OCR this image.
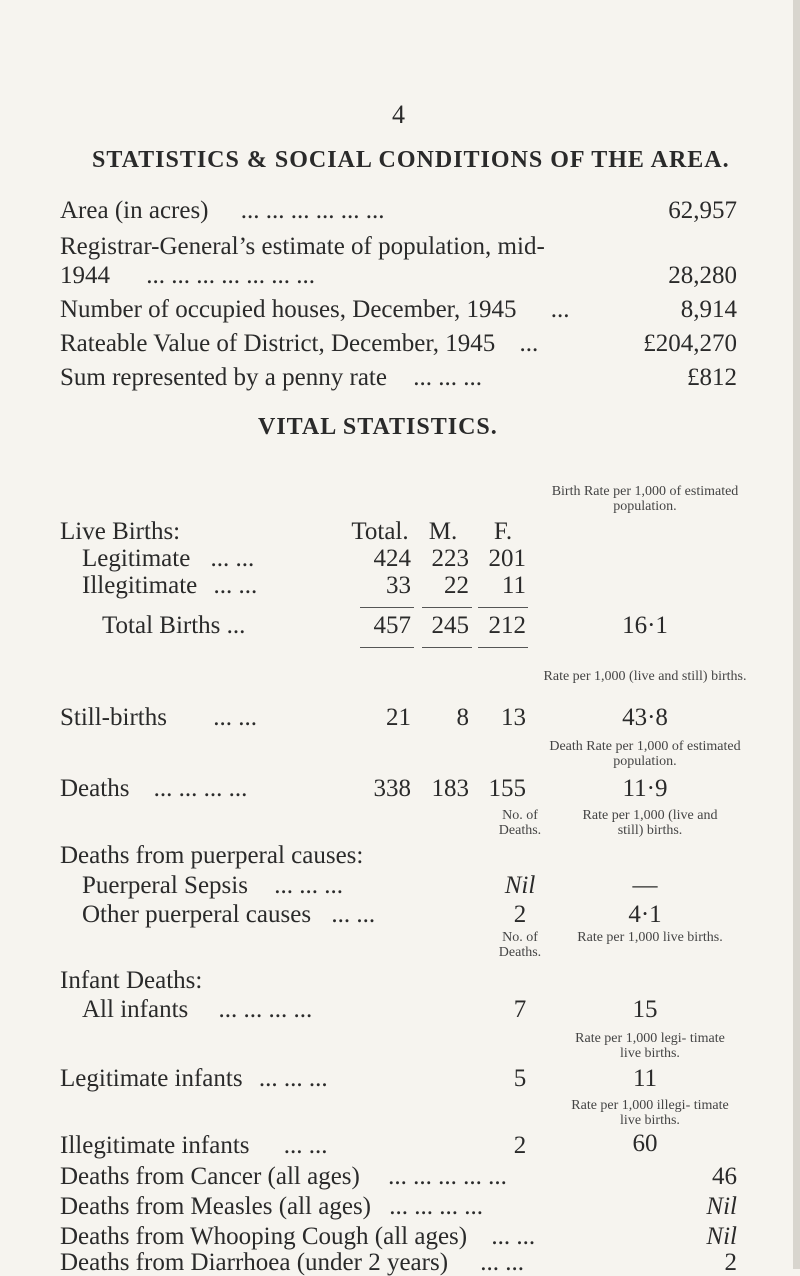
4
STATISTICS & SOCIAL CONDITIONS OF THE AREA.
Area (in acres) ... ... ... ... ... ...	62,957
Registrar-General’s estimate of population, mid-
1944 ... ... ... ... ... ... ...	28,280
Number of occupied houses, December, 1945 ...	8,914
Rateable Value of District, December, 1945 ...	£204,270
Sum represented by a penny rate ... ... ...	£812
VITAL STATISTICS.
Birth Rate per 1,000 of estimated population.
Live Births:	Total. M.	F.
Legitimate ... ...	424 223 201
Illegitimate ... ...	33 22 11
Total Births ...	457 245 212	16·1
Rate per 1,000 (live and still) births.
Still-births ... ...	21 8 13	43·8
Death Rate per 1,000 of estimated population.
Deaths ... ... ... ...	338 183 155	11·9
No. of Deaths.
Rate per 1,000 (live and still) births.
Deaths from puerperal causes:
Puerperal Sepsis ... ... ...	Nil	—
Other puerperal causes ... ...	2	4·1
No. of Deaths.
Rate per 1,000 live births.
Infant Deaths:
All infants ... ... ... ...	7	15
Rate per 1,000 legi- timate live births.
Legitimate infants ... ... ...	5	11
Rate per 1,000 illegi- timate live births.
Illegitimate infants ... ...	2	60
Deaths from Cancer (all ages) ... ... ... ... ...	46
Deaths from Measles (all ages) ... ... ... ...	Nil
Deaths from Whooping Cough (all ages) ... ...	Nil
Deaths from Diarrhoea (under 2 years) ... ...	2
